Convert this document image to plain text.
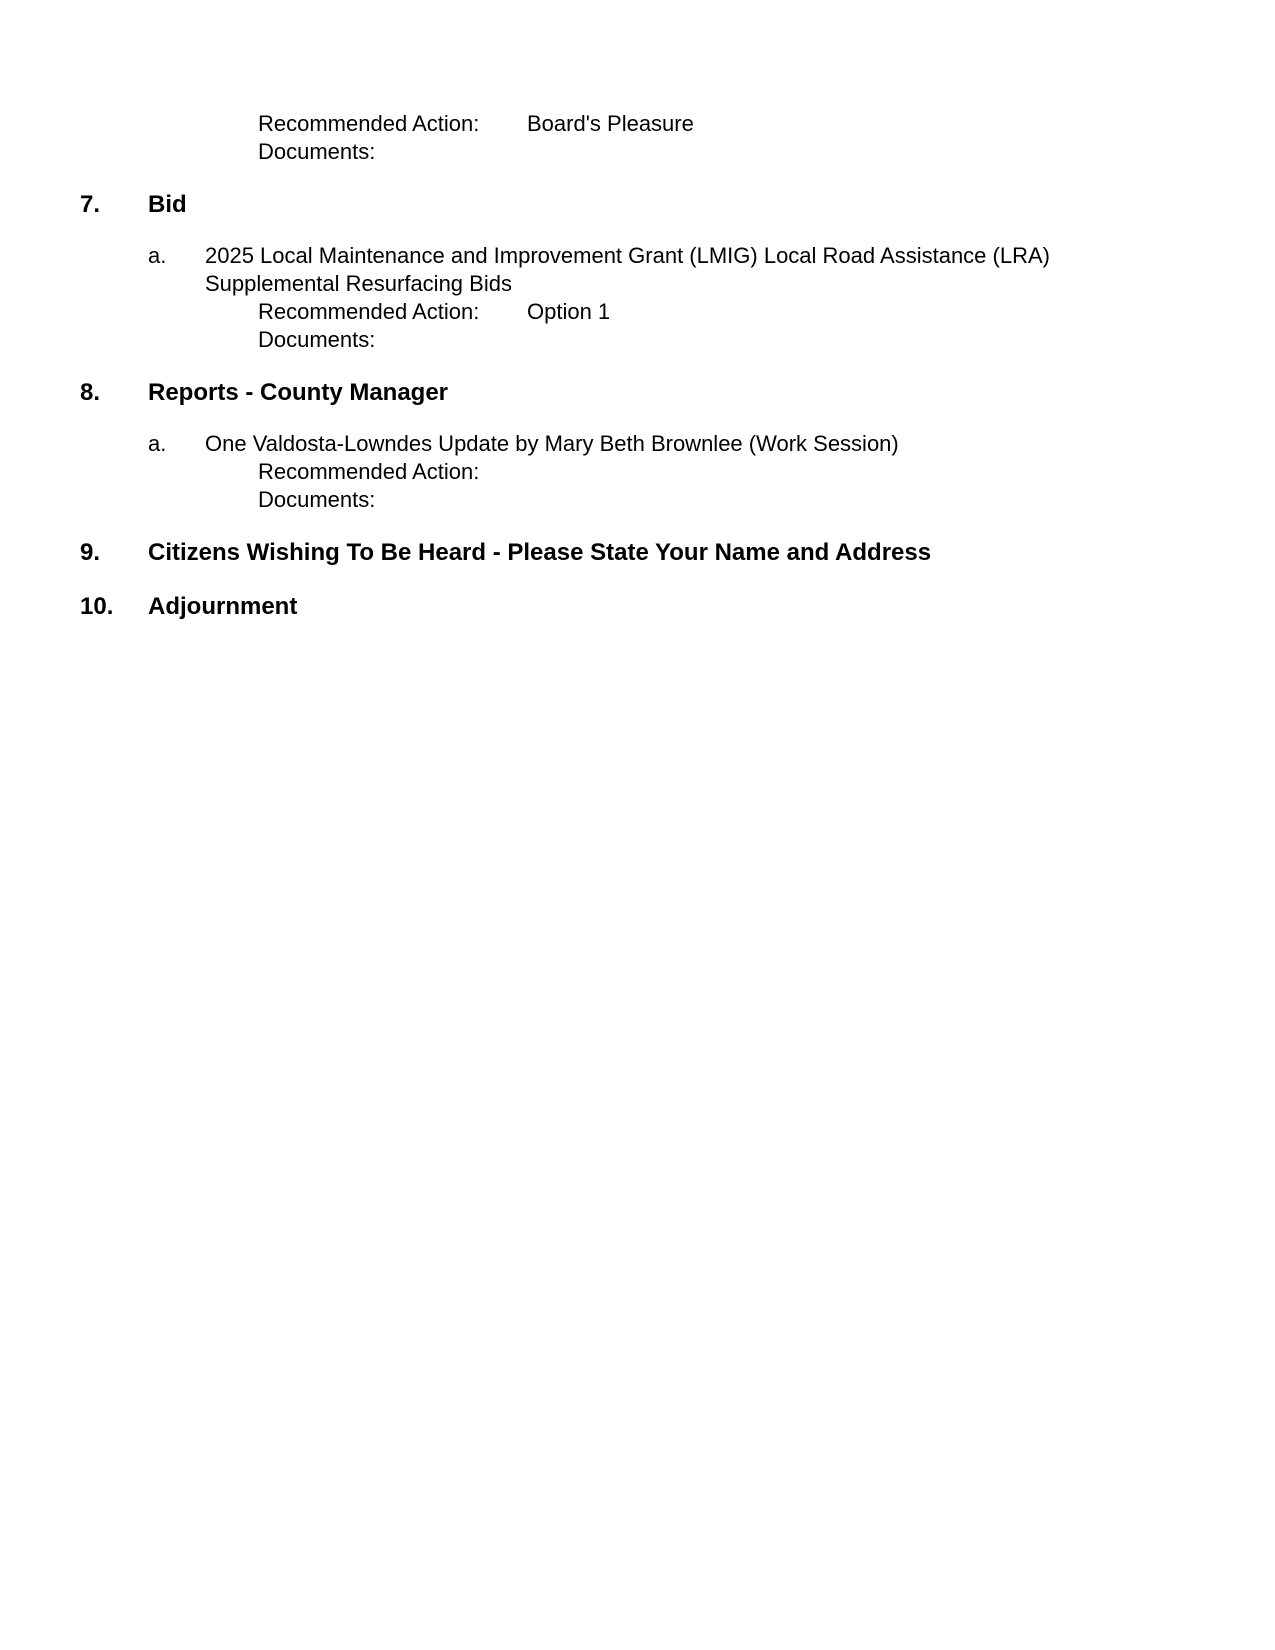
Recommended Action:	Board's Pleasure
Documents:
7.	Bid
a.	2025 Local Maintenance and Improvement Grant (LMIG) Local Road Assistance (LRA) Supplemental Resurfacing Bids
Recommended Action:	Option 1
Documents:
8.	Reports - County Manager
a.	One Valdosta-Lowndes Update by Mary Beth Brownlee (Work Session)
Recommended Action:
Documents:
9.	Citizens Wishing To Be Heard - Please State Your Name and Address
10.	Adjournment
